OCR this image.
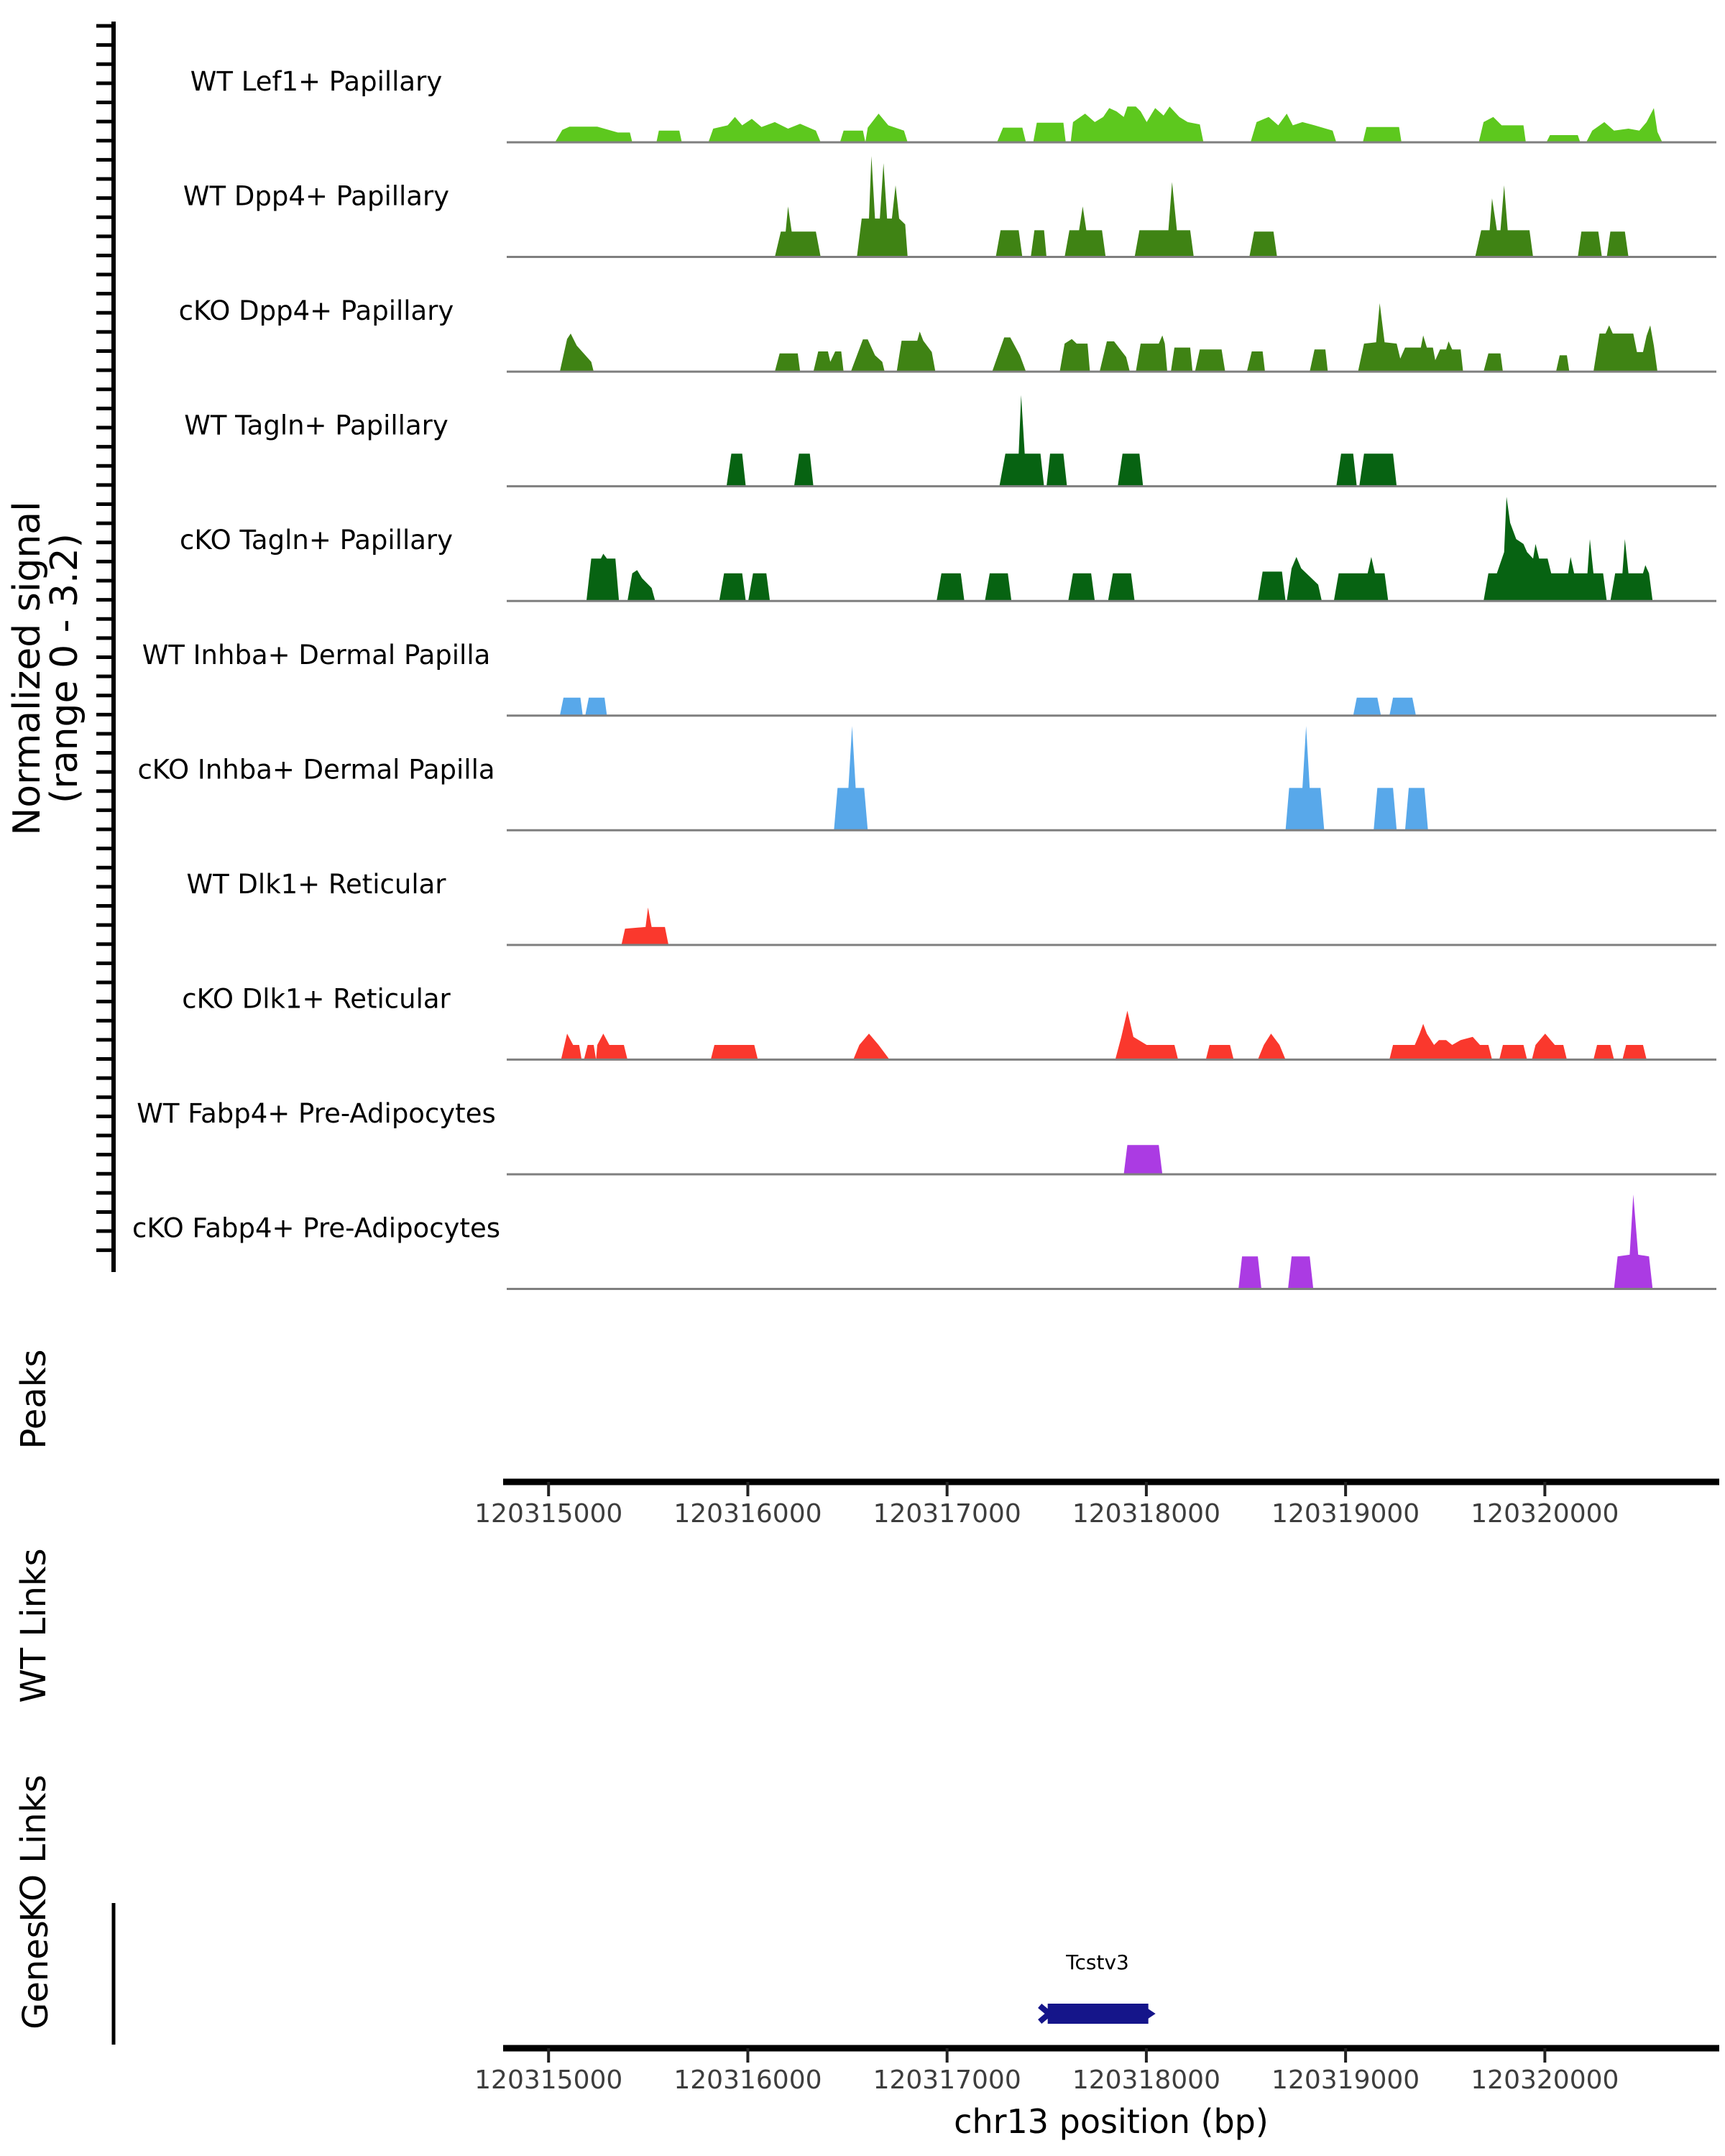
Normalized signal
(range 0 - 3.2)
WT Lef1+ Papillary
WT Dpp4+ Papillary
cKO Dpp4+ Papillary
WT Tagln+ Papillary
cKO Tagln+ Papillary
WT Inhba+ Dermal Papilla
cKO Inhba+ Dermal Papilla
WT Dlk1+ Reticular
cKO Dlk1+ Reticular
WT Fabp4+ Pre-Adipocytes
cKO Fabp4+ Pre-Adipocytes
Peaks
WT Links
KO Links
Genes
120315000 120316000 120317000 120318000 120319000 120320000
Tcstv3
120315000 120316000 120317000 120318000 120319000 120320000
chr13 position (bp)
